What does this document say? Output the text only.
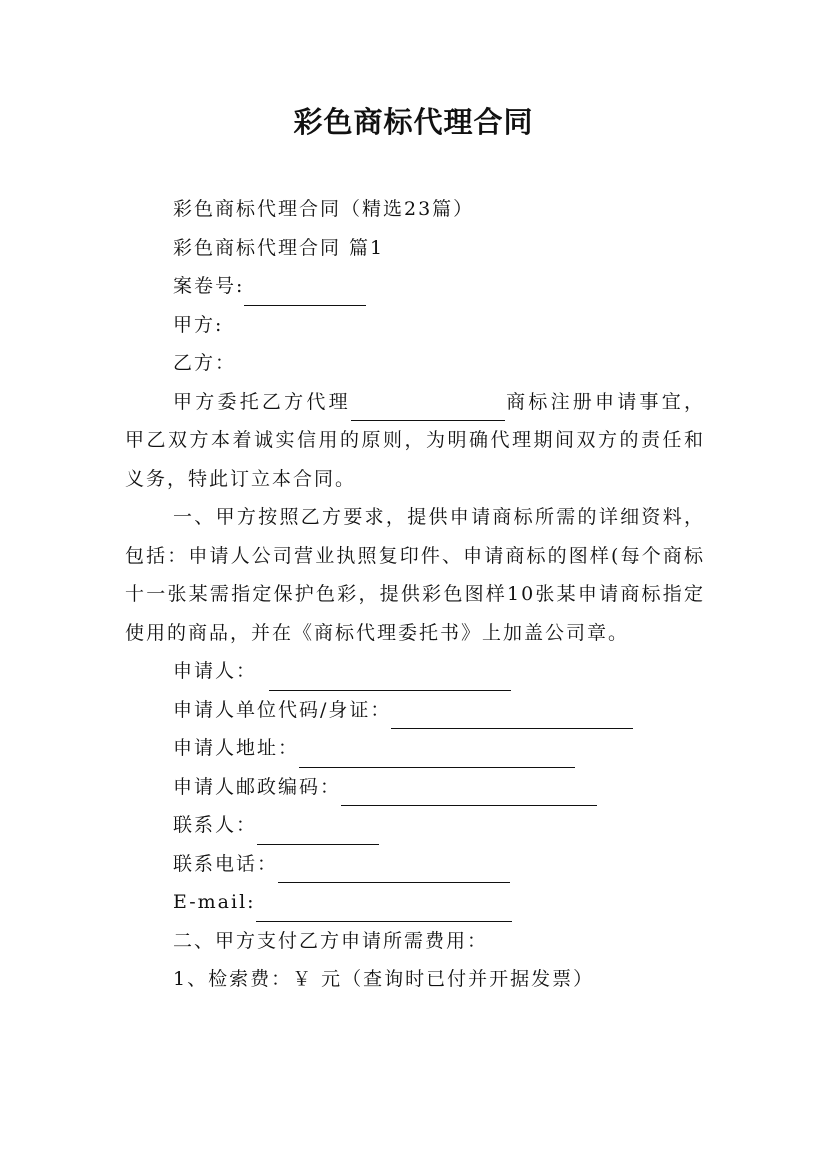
彩色商标代理合同
彩色商标代理合同（精选23篇）
彩色商标代理合同 篇1
案卷号:
甲方:
乙方：

甲方委托乙方代理	商标注册申请事宜，甲乙双方本着诚实信用的原则，为明确代理期间双方的责任和义务，特此订立本合同。

一、甲方按照乙方要求，提供申请商标所需的详细资料，包括：申请人公司营业执照复印件、申请商标的图样(每个商标十一张某需指定保护色彩，提供彩色图样10张某申请商标指定使用的商品，并在《商标代理委托书》上加盖公司章。

申请人：
申请人单位代码/身证：
申请人地址：
申请人邮政编码：
联系人：
联系电话：
E-mail:
二、甲方支付乙方申请所需费用：
1、检索费：￥ 元（查询时已付并开据发票）
